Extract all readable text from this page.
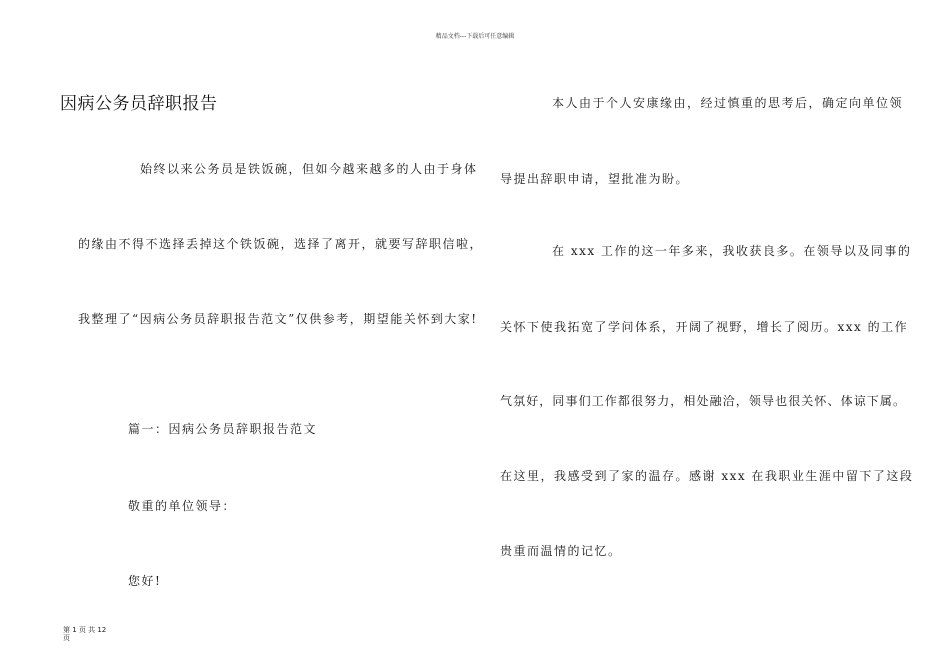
精品文档---下载后可任意编辑
因病公务员辞职报告
始终以来公务员是铁饭碗，但如今越来越多的人由于身体
的缘由不得不选择丢掉这个铁饭碗，选择了离开，就要写辞职信啦，
我整理了“因病公务员辞职报告范文”仅供参考，期望能关怀到大家!
篇一：因病公务员辞职报告范文
敬重的单位领导：
您好!
本人由于个人安康缘由，经过慎重的思考后，确定向单位领
导提出辞职申请，望批准为盼。
在 xxx 工作的这一年多来，我收获良多。在领导以及同事的
关怀下使我拓宽了学问体系，开阔了视野，增长了阅历。xxx 的工作
气氛好，同事们工作都很努力，相处融洽，领导也很关怀、体谅下属。
在这里，我感受到了家的温存。感谢 xxx 在我职业生涯中留下了这段
贵重而温情的记忆。
第 1 页 共 12
页
